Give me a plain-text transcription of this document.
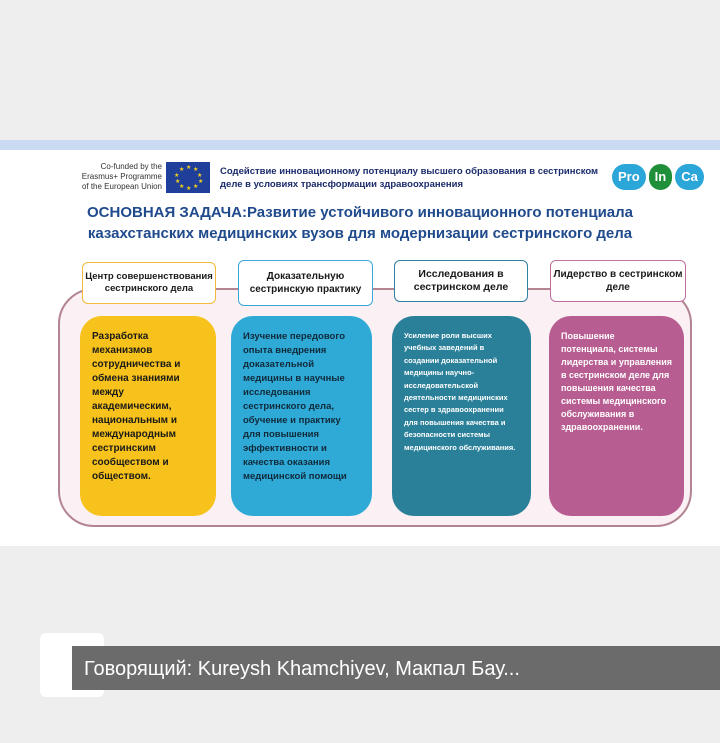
Co-funded by the
Erasmus+ Programme
of the European Union
★ ★
★
★
★
★
★
★
★
★	Содействие инновационному потенциалу высшего образования в сестринском деле в условиях трансформации здравоохранения
Pro	In	Ca
ОСНОВНАЯ ЗАДАЧА:Развитие устойчивого инновационного потенциала казахстанских медицинских вузов для модернизации сестринского дела
Центр совершенствования сестринского дела
Доказательную сестринскую практику
Исследования в сестринском деле
Лидерство в сестринском деле
Разработка механизмов сотрудничества и обмена знаниями между академическим, национальным и международным сестринским сообществом и обществом.
Изучение передового опыта внедрения доказательной медицины в научные исследования сестринского дела, обучение и практику для повышения эффективности и качества оказания медицинской помощи
Усиление роли высших учебных заведений в создании доказательной медицины научно-исследовательской деятельности медицинских сестер в здравоохранении для повышения качества и безопасности системы медицинского обслуживания.
Повышение потенциала, системы лидерства и управления в сестринском деле для повышения качества системы медицинского обслуживания в здравоохранении.
Говорящий: Kureysh Khamchiyev, Макпал Бау...
